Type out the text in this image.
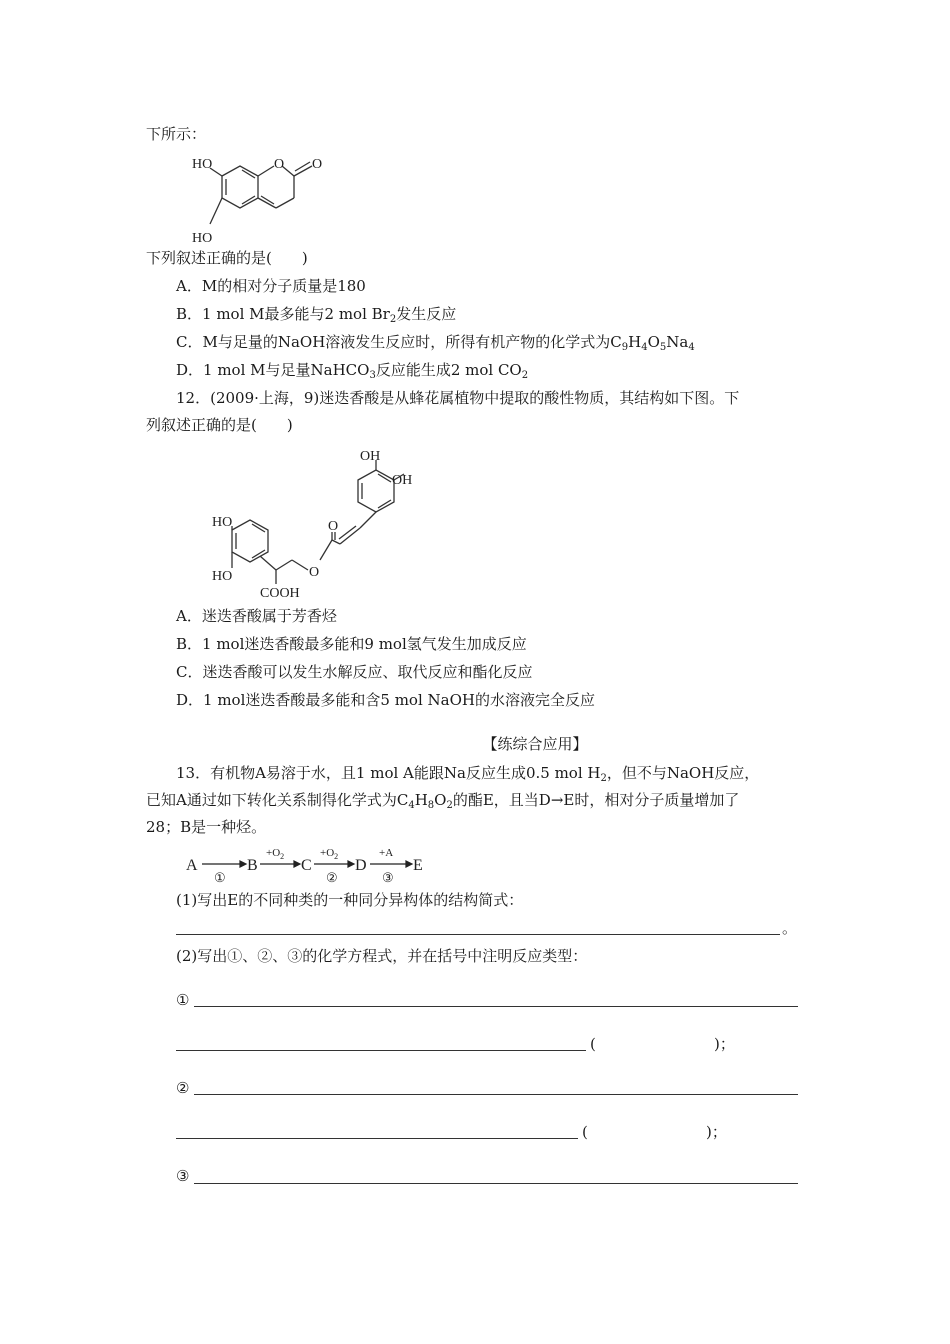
下所示：
HO	O O
HO
下列叙述正确的是(　　)
A．M的相对分子质量是180
B．1 mol M最多能与2 mol $Br_2$发生反应
C．M与足量的NaOH溶液发生反应时，所得有机产物的化学式为$C_9H_4O_5Na_4$
D．1 mol M与足量NaHCO$_3$反应能生成2 mol $CO_2$
12．(2009·上海，9)迷迭香酸是从蜂花属植物中提取的酸性物质，其结构如下图。下
列叙述正确的是(　　)
OH
OH
HO
HO
O
O
COOH
A．迷迭香酸属于芳香烃
B．1 mol迷迭香酸最多能和9 mol氢气发生加成反应
C．迷迭香酸可以发生水解反应、取代反应和酯化反应
D．1 mol迷迭香酸最多能和含5 mol NaOH的水溶液完全反应
【练综合应用】
13．有机物A易溶于水，且1 mol A能跟Na反应生成0.5 mol $H_2$，但不与NaOH反应，
已知A通过如下转化关系制得化学式为$C_4H_8O_2$的酯E，且当D→E时，相对分子质量增加了
28；B是一种烃。
A	B	C	D	E
①	②	③
$+O_2$	$+O_2$	+A
(1)写出E的不同种类的一种同分异构体的结构简式：
。
(2)写出①、②、③的化学方程式，并在括号中注明反应类型：
①
(	)；
②
(	)；
③
